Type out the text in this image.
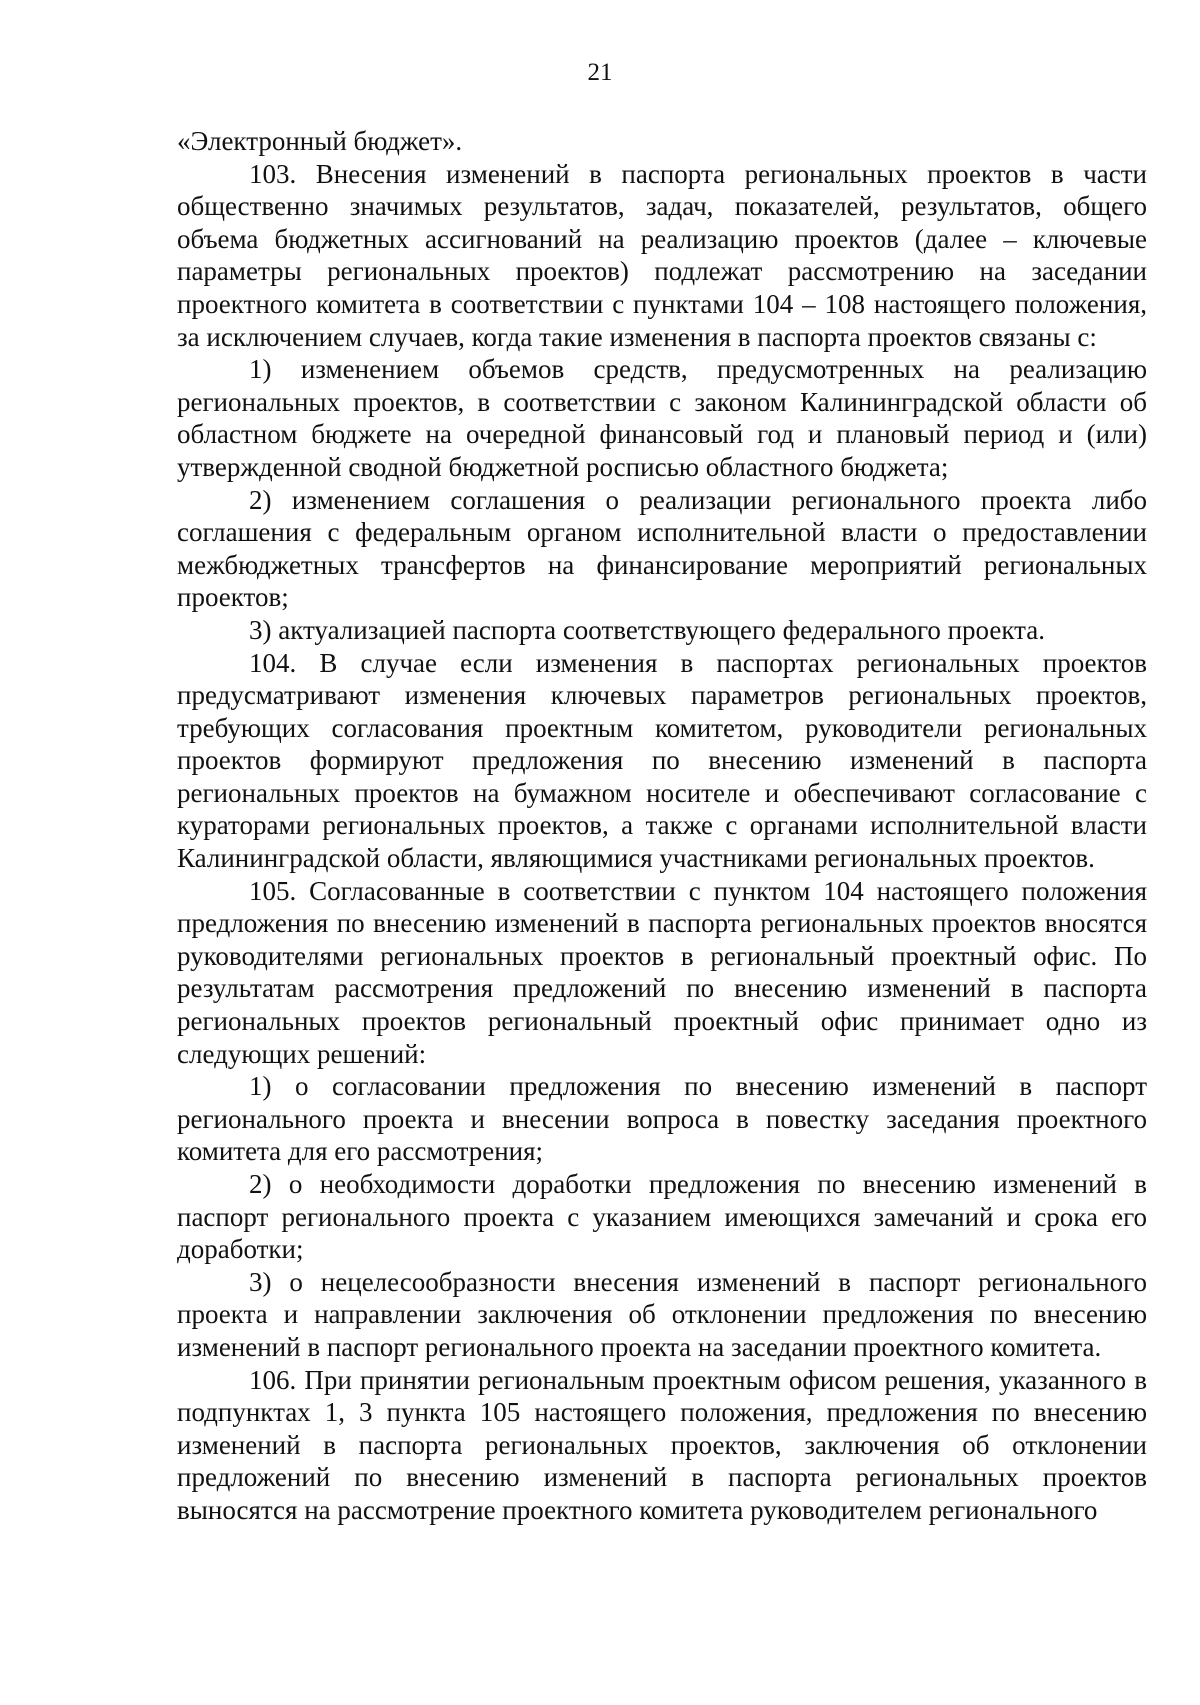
21

«Электронный бюджет».

103. Внесения изменений в паспорта региональных проектов в части общественно значимых результатов, задач, показателей, результатов, общего объема бюджетных ассигнований на реализацию проектов (далее – ключевые параметры региональных проектов) подлежат рассмотрению на заседании проектного комитета в соответствии с пунктами 104 – 108 настоящего положения, за исключением случаев, когда такие изменения в паспорта проектов связаны с:

1) изменением объемов средств, предусмотренных на реализацию региональных проектов, в соответствии с законом Калининградской области об областном бюджете на очередной финансовый год и плановый период и (или) утвержденной сводной бюджетной росписью областного бюджета;

2) изменением соглашения о реализации регионального проекта либо соглашения с федеральным органом исполнительной власти о предоставлении межбюджетных трансфертов на финансирование мероприятий региональных проектов;

3) актуализацией паспорта соответствующего федерального проекта.

104. В случае если изменения в паспортах региональных проектов предусматривают изменения ключевых параметров региональных проектов, требующих согласования проектным комитетом, руководители региональных проектов формируют предложения по внесению изменений в паспорта региональных проектов на бумажном носителе и обеспечивают согласование с кураторами региональных проектов, а также с органами исполнительной власти Калининградской области, являющимися участниками региональных проектов.

105. Согласованные в соответствии с пунктом 104 настоящего положения предложения по внесению изменений в паспорта региональных проектов вносятся руководителями региональных проектов в региональный проектный офис. По результатам рассмотрения предложений по внесению изменений в паспорта региональных проектов региональный проектный офис принимает одно из следующих решений:

1) о согласовании предложения по внесению изменений в паспорт регионального проекта и внесении вопроса в повестку заседания проектного комитета для его рассмотрения;

2) о необходимости доработки предложения по внесению изменений в паспорт регионального проекта с указанием имеющихся замечаний и срока его доработки;

3) о нецелесообразности внесения изменений в паспорт регионального проекта и направлении заключения об отклонении предложения по внесению изменений в паспорт регионального проекта на заседании проектного комитета.

106. При принятии региональным проектным офисом решения, указанного в подпунктах 1, 3 пункта 105 настоящего положения, предложения по внесению изменений в паспорта региональных проектов, заключения об отклонении предложений по внесению изменений в паспорта региональных проектов выносятся на рассмотрение проектного комитета руководителем регионального
